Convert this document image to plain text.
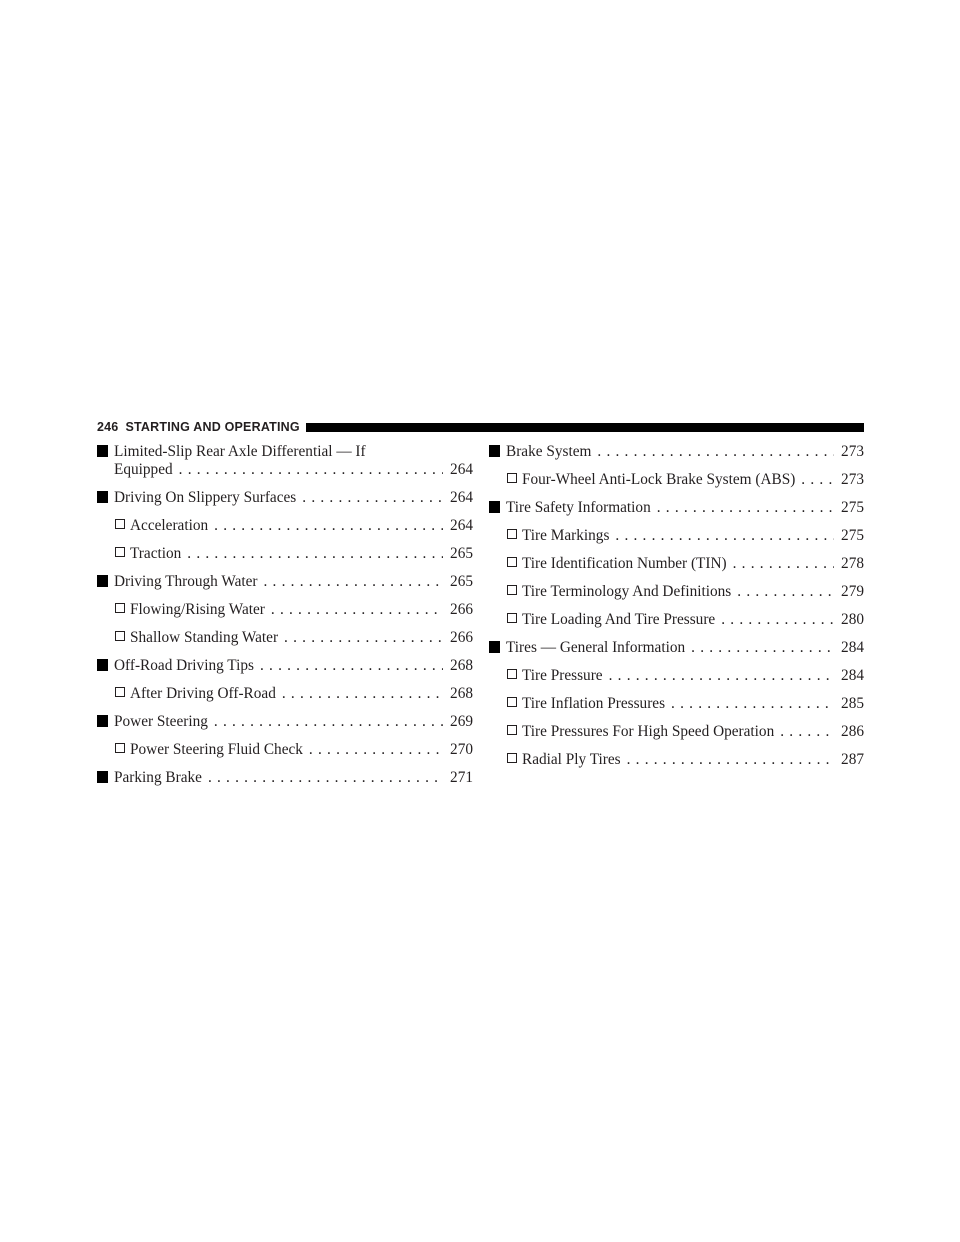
246 STARTING AND OPERATING
Limited-Slip Rear Axle Differential — If
Equipped . . .	264
Driving On Slippery Surfaces . . .	264
Acceleration . . .	264
Traction . . .	265
Driving Through Water . . .	265
Flowing/Rising Water . . .	266
Shallow Standing Water . . .	266
Off-Road Driving Tips . . .	268
After Driving Off-Road . . .	268
Power Steering . . .	269
Power Steering Fluid Check . . .	270
Parking Brake . . .	271
Brake System . . .	273
Four-Wheel Anti-Lock Brake System (ABS) . . .	273
Tire Safety Information . . .	275
Tire Markings . . .	275
Tire Identification Number (TIN) . . .	278
Tire Terminology And Definitions . . .	279
Tire Loading And Tire Pressure . . .	280
Tires — General Information . . .	284
Tire Pressure . . .	284
Tire Inflation Pressures . . .	285
Tire Pressures For High Speed Operation . . .	286
Radial Ply Tires . . .	287
